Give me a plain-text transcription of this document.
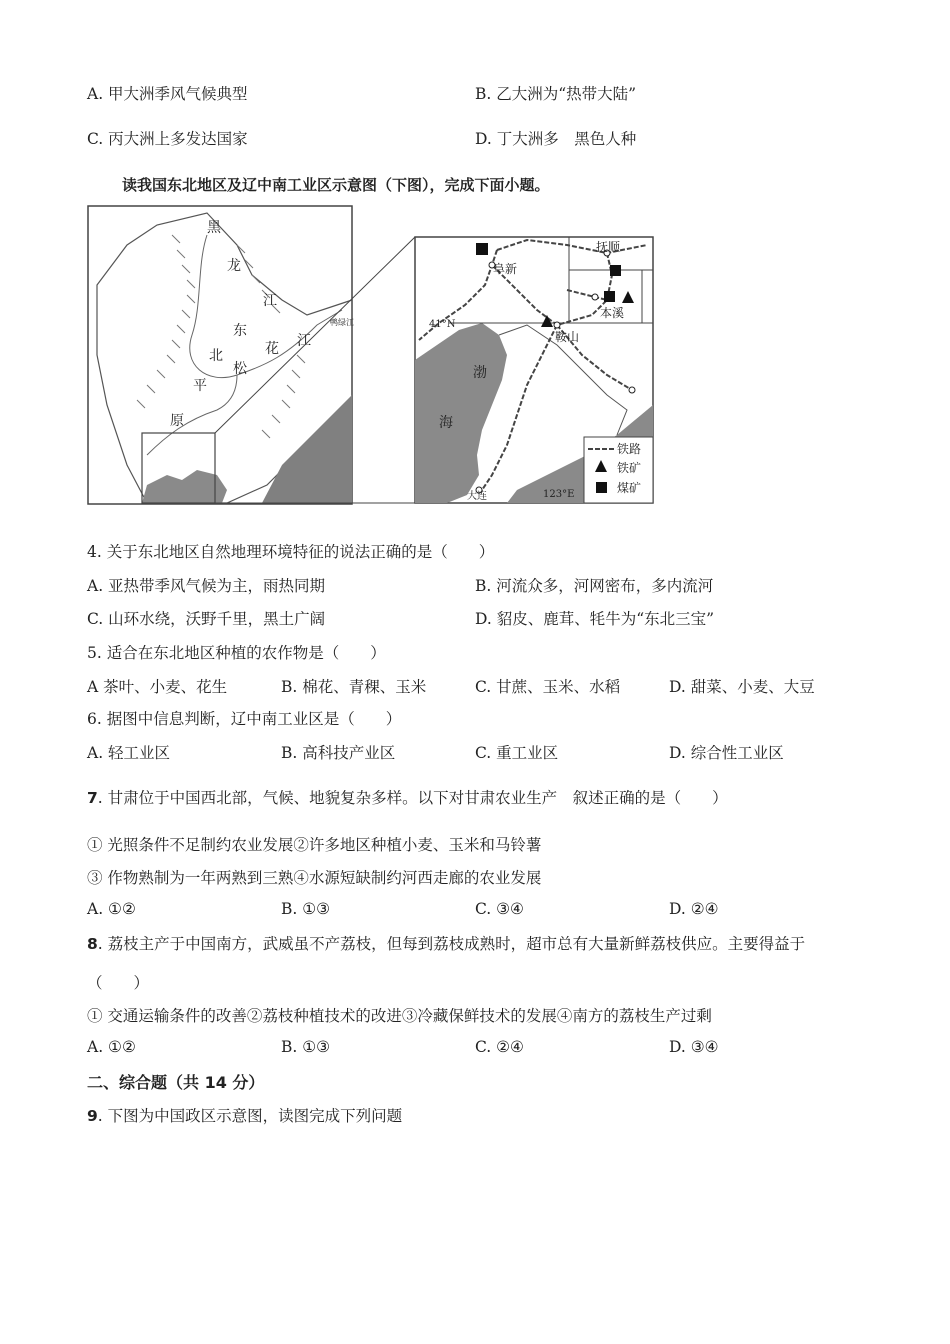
A. 甲大洲季风气候典型	B. 乙大洲为“热带大陆”
C. 丙大洲上多发达国家	D. 丁大洲多　黑色人种
读我国东北地区及辽中南工业区示意图（下图），完成下面小题。
黑
龙
江
东
北
平
原
松
花 江
鸭绿江
阜新
抚顺
本溪
鞍山
大连
渤
海
41°N
123°E
铁路
铁矿
煤矿
4. 关于东北地区自然地理环境特征的说法正确的是（　　）
A. 亚热带季风气候为主，雨热同期	B. 河流众多，河网密布，多内流河
C. 山环水绕，沃野千里，黑土广阔	D. 貂皮、鹿茸、牦牛为“东北三宝”
5. 适合在东北地区种植的农作物是（　　）
A 茶叶、小麦、花生	B. 棉花、青稞、玉米	C. 甘蔗、玉米、水稻	D. 甜菜、小麦、大豆
6. 据图中信息判断，辽中南工业区是（　　）
A. 轻工业区	B. 高科技产业区	C. 重工业区	D. 综合性工业区
7. 甘肃位于中国西北部，气候、地貌复杂多样。以下对甘肃农业生产　叙述正确的是（　　）
① 光照条件不足制约农业发展②许多地区种植小麦、玉米和马铃薯
③ 作物熟制为一年两熟到三熟④水源短缺制约河西走廊的农业发展
A. ①②	B. ①③	C. ③④	D. ②④
8. 荔枝主产于中国南方，武威虽不产荔枝，但每到荔枝成熟时，超市总有大量新鲜荔枝供应。主要得益于
（　　）
① 交通运输条件的改善②荔枝种植技术的改进③冷藏保鲜技术的发展④南方的荔枝生产过剩
A. ①②	B. ①③	C. ②④	D. ③④
二、综合题（共 14 分）
9. 下图为中国政区示意图，读图完成下列问题
